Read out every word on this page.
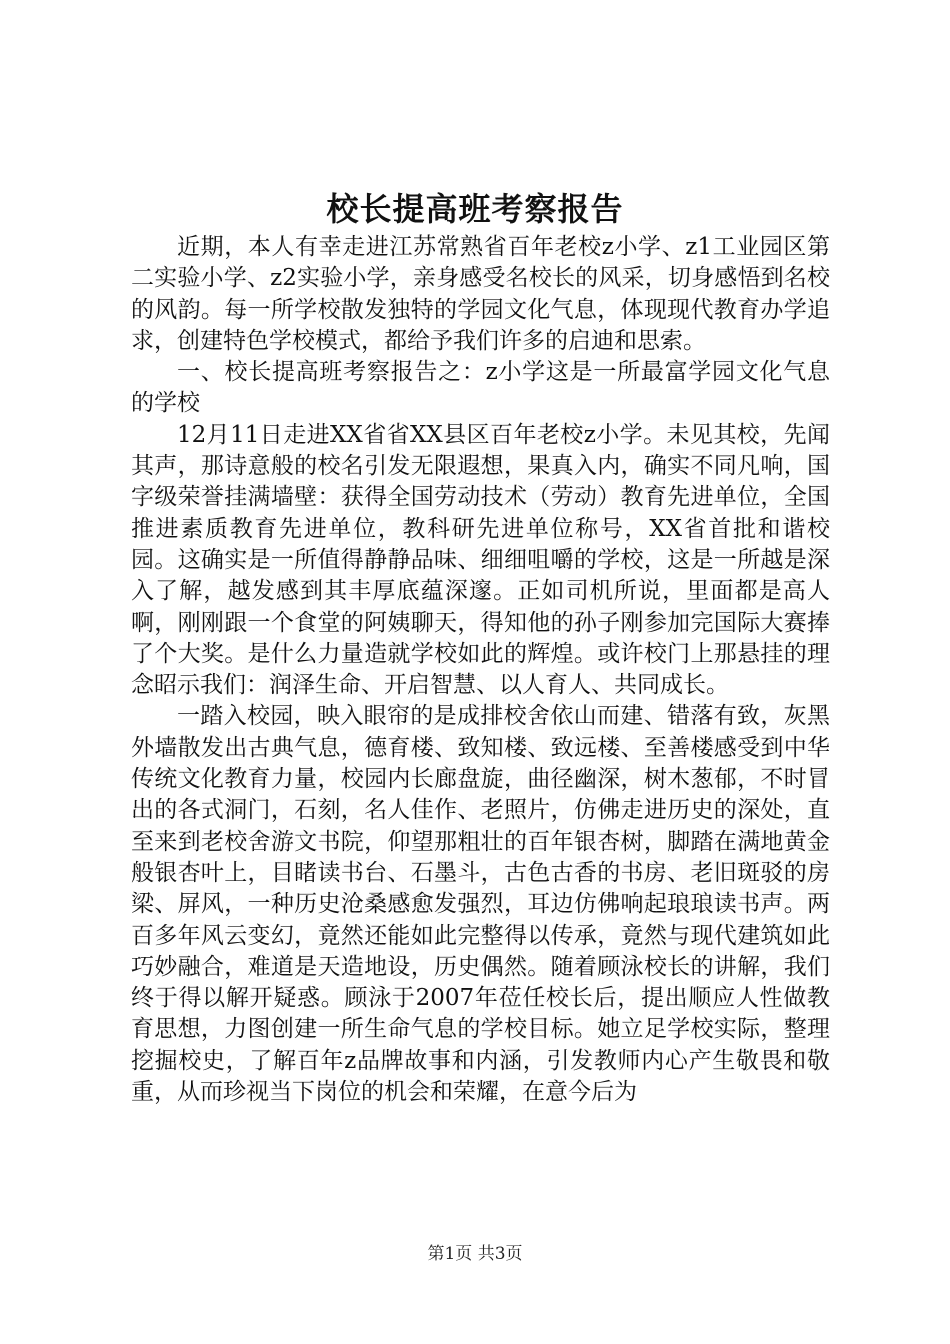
校长提高班考察报告

近期，本人有幸走进江苏常熟省百年老校z小学、z1工业园区第二实验小学、z2实验小学，亲身感受名校长的风采，切身感悟到名校的风韵。每一所学校散发独特的学园文化气息，体现现代教育办学追求，创建特色学校模式，都给予我们许多的启迪和思索。

一、校长提高班考察报告之：z小学这是一所最富学园文化气息的学校

12月11日走进XX省省XX县区百年老校z小学。未见其校，先闻其声，那诗意般的校名引发无限遐想，果真入内，确实不同凡响，国字级荣誉挂满墙壁：获得全国劳动技术（劳动）教育先进单位，全国推进素质教育先进单位，教科研先进单位称号，XX省首批和谐校园。这确实是一所值得静静品味、细细咀嚼的学校，这是一所越是深入了解，越发感到其丰厚底蕴深邃。正如司机所说，里面都是高人啊，刚刚跟一个食堂的阿姨聊天，得知他的孙子刚参加完国际大赛捧了个大奖。是什么力量造就学校如此的辉煌。或许校门上那悬挂的理念昭示我们：润泽生命、开启智慧、以人育人、共同成长。

一踏入校园，映入眼帘的是成排校舍依山而建、错落有致，灰黑外墙散发出古典气息，德育楼、致知楼、致远楼、至善楼感受到中华传统文化教育力量，校园内长廊盘旋，曲径幽深，树木葱郁，不时冒出的各式洞门，石刻，名人佳作、老照片，仿佛走进历史的深处，直至来到老校舍游文书院，仰望那粗壮的百年银杏树，脚踏在满地黄金般银杏叶上，目睹读书台、石墨斗，古色古香的书房、老旧斑驳的房梁、屏风，一种历史沧桑感愈发强烈，耳边仿佛响起琅琅读书声。两百多年风云变幻，竟然还能如此完整得以传承，竟然与现代建筑如此巧妙融合，难道是天造地设，历史偶然。随着顾泳校长的讲解，我们终于得以解开疑惑。顾泳于2007年莅任校长后，提出顺应人性做教育思想，力图创建一所生命气息的学校目标。她立足学校实际，整理挖掘校史，了解百年z品牌故事和内涵，引发教师内心产生敬畏和敬重，从而珍视当下岗位的机会和荣耀，在意今后为

第1页 共3页
